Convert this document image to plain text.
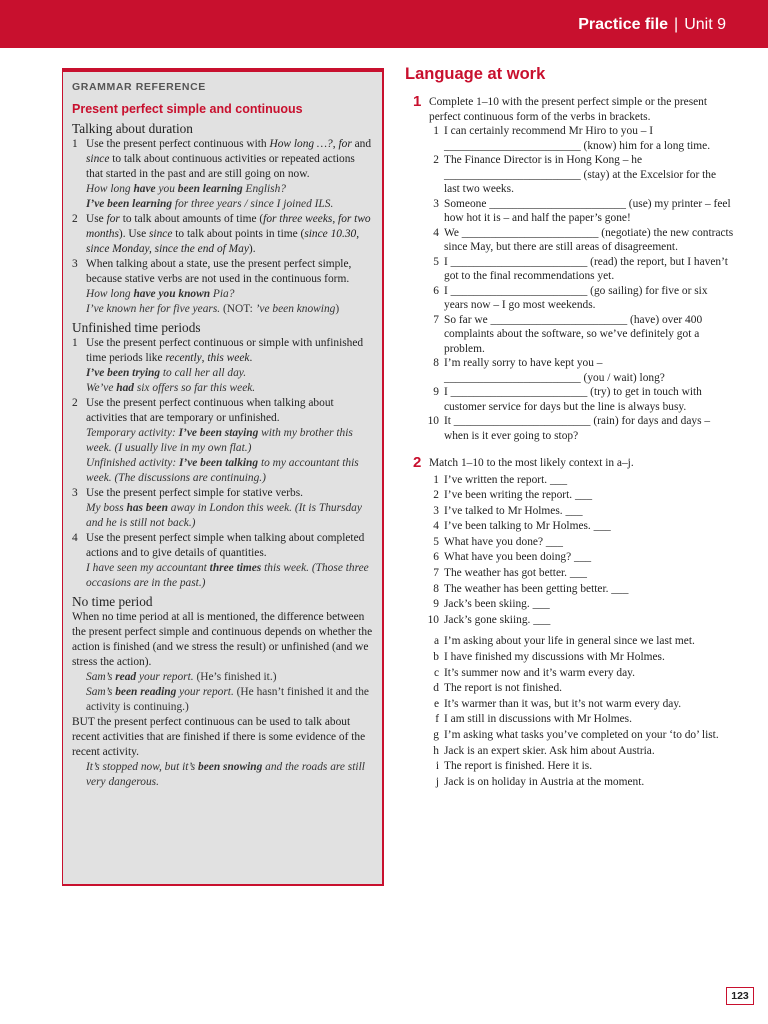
Practice file | Unit 9
GRAMMAR REFERENCE
Present perfect simple and continuous
Talking about duration
1 Use the present perfect continuous with How long …?, for and since to talk about continuous activities or repeated actions that started in the past and are still going on now.
How long have you been learning English?
I’ve been learning for three years / since I joined ILS.
2 Use for to talk about amounts of time (for three weeks, for two months). Use since to talk about points in time (since 10.30, since Monday, since the end of May).
3 When talking about a state, use the present perfect simple, because stative verbs are not used in the continuous form.
How long have you known Pia?
I’ve known her for five years. (NOT: ’ve been knowing)
Unfinished time periods
1 Use the present perfect continuous or simple with unfinished time periods like recently, this week.
I’ve been trying to call her all day.
We’ve had six offers so far this week.
2 Use the present perfect continuous when talking about activities that are temporary or unfinished.
Temporary activity: I’ve been staying with my brother this week. (I usually live in my own flat.)
Unfinished activity: I’ve been talking to my accountant this week. (The discussions are continuing.)
3 Use the present perfect simple for stative verbs.
My boss has been away in London this week. (It is Thursday and he is still not back.)
4 Use the present perfect simple when talking about completed actions and to give details of quantities.
I have seen my accountant three times this week. (Those three occasions are in the past.)
No time period
When no time period at all is mentioned, the difference between the present perfect simple and continuous depends on whether the action is finished (and we stress the result) or unfinished (and we stress the action).
Sam’s read your report. (He’s finished it.)
Sam’s been reading your report. (He hasn’t finished it and the activity is continuing.)
BUT the present perfect continuous can be used to talk about recent activities that are finished if there is some evidence of the recent activity.
It’s stopped now, but it’s been snowing and the roads are still very dangerous.
Language at work
1 Complete 1–10 with the present perfect simple or the present perfect continuous form of the verbs in brackets.
1 I can certainly recommend Mr Hiro to you – I ________________________ (know) him for a long time.
2 The Finance Director is in Hong Kong – he ________________________ (stay) at the Excelsior for the last two weeks.
3 Someone ________________________ (use) my printer – feel how hot it is – and half the paper’s gone!
4 We ________________________ (negotiate) the new contracts since May, but there are still areas of disagreement.
5 I ________________________ (read) the report, but I haven’t got to the final recommendations yet.
6 I ________________________ (go sailing) for five or six years now – I go most weekends.
7 So far we ________________________ (have) over 400 complaints about the software, so we’ve definitely got a problem.
8 I’m really sorry to have kept you – ________________________ (you / wait) long?
9 I ________________________ (try) to get in touch with customer service for days but the line is always busy.
10 It ________________________ (rain) for days and days – when is it ever going to stop?
2 Match 1–10 to the most likely context in a–j.
1 I’ve written the report. ___
2 I’ve been writing the report. ___
3 I’ve talked to Mr Holmes. ___
4 I’ve been talking to Mr Holmes. ___
5 What have you done? ___
6 What have you been doing? ___
7 The weather has got better. ___
8 The weather has been getting better. ___
9 Jack’s been skiing. ___
10 Jack’s gone skiing. ___
a I’m asking about your life in general since we last met.
b I have finished my discussions with Mr Holmes.
c It’s summer now and it’s warm every day.
d The report is not finished.
e It’s warmer than it was, but it’s not warm every day.
f I am still in discussions with Mr Holmes.
g I’m asking what tasks you’ve completed on your ‘to do’ list.
h Jack is an expert skier. Ask him about Austria.
i The report is finished. Here it is.
j Jack is on holiday in Austria at the moment.
123
